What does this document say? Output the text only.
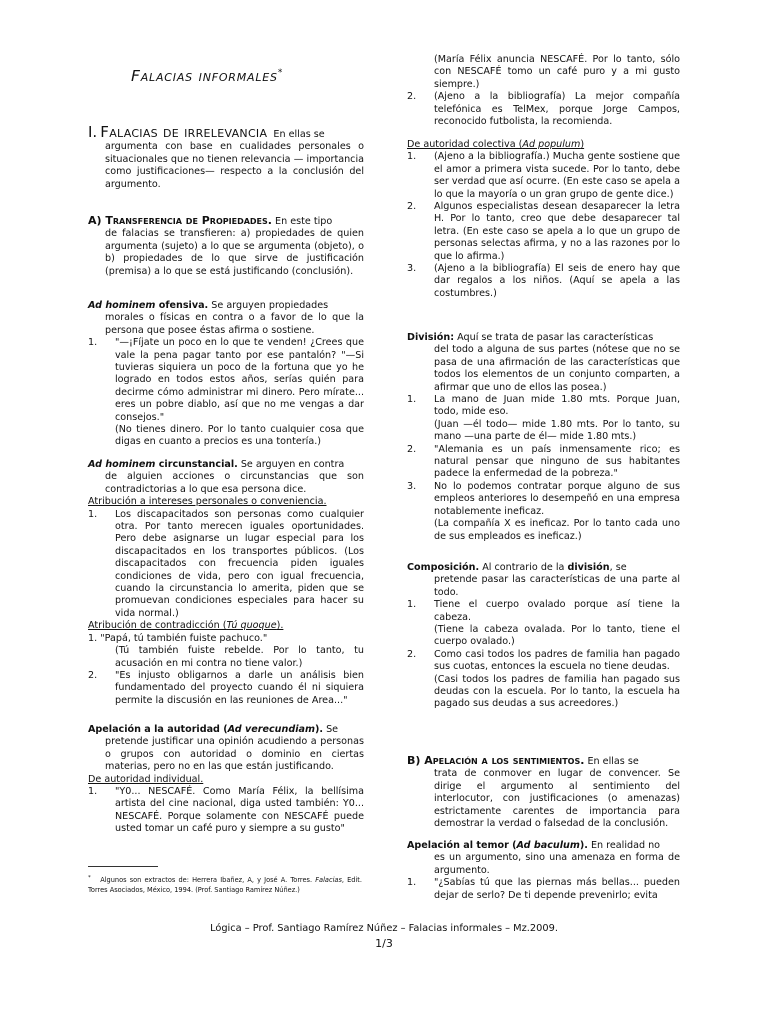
Falacias informales*

I. Falacias de irrelevancia En ellas se

argumenta con base en cualidades personales o situacionales que no tienen relevancia — importancia como justificaciones— respecto a la conclusión del argumento.

A) Transferencia de Propiedades. En este tipo

de falacias se transfieren: a) propiedades de quien argumenta (sujeto) a lo que se argumenta (objeto), o b) propiedades de lo que sirve de justificación (premisa) a lo que se está justificando (conclusión).

Ad hominem ofensiva. Se arguyen propiedades

morales o físicas en contra o a favor de lo que la persona que posee éstas afirma o sostiene.

1. "—¡Fíjate un poco en lo que te venden! ¿Crees que vale la pena pagar tanto por ese pantalón? "—Si tuvieras siquiera un poco de la fortuna que yo he logrado en todos estos años, serías quién para decirme cómo administrar mi dinero. Pero mírate... eres un pobre diablo, así que no me vengas a dar consejos."

(No tienes dinero. Por lo tanto cualquier cosa que digas en cuanto a precios es una tontería.)

Ad hominem circunstancial. Se arguyen en contra

de alguien acciones o circunstancias que son contradictorias a lo que esa persona dice.

Atribución a intereses personales o conveniencia.

1. Los discapacitados son personas como cualquier otra. Por tanto merecen iguales oportunidades. Pero debe asignarse un lugar especial para los discapacitados en los transportes públicos. (Los discapacitados con frecuencia piden iguales condiciones de vida, pero con igual frecuencia, cuando la circunstancia lo amerita, piden que se promuevan condiciones especiales para hacer su vida normal.)

Atribución de contradicción (Tú quoque).

1. "Papá, tú también fuiste pachuco."

(Tú también fuiste rebelde. Por lo tanto, tu acusación en mi contra no tiene valor.)

2. "Es injusto obligarnos a darle un análisis bien fundamentado del proyecto cuando él ni siquiera permite la discusión en las reuniones de Area..."

Apelación a la autoridad (Ad verecundiam). Se

pretende justificar una opinión acudiendo a personas o grupos con autoridad o dominio en ciertas materias, pero no en las que están justificando.

De autoridad individual.

1. "Y0... NESCAFÉ. Como María Félix, la bellísima artista del cine nacional, diga usted también: Y0... NESCAFÉ. Porque solamente con NESCAFÉ puede usted tomar un café puro y siempre a su gusto"
* Algunos son extractos de: Herrera Ibañez, A, y José A. Torres. Falacias, Edit. Torres Asociados, México, 1994. (Prof. Santiago Ramírez Núñez.)

(María Félix anuncia NESCAFÉ. Por lo tanto, sólo con NESCAFÉ tomo un café puro y a mi gusto siempre.)

2. (Ajeno a la bibliografía) La mejor compañía telefónica es TelMex, porque Jorge Campos, reconocido futbolista, la recomienda.

De autoridad colectiva (Ad populum)

1. (Ajeno a la bibliografía.) Mucha gente sostiene que el amor a primera vista sucede. Por lo tanto, debe ser verdad que así ocurre. (En este caso se apela a lo que la mayoría o un gran grupo de gente dice.)
2. Algunos especialistas desean desaparecer la letra H. Por lo tanto, creo que debe desaparecer tal letra. (En este caso se apela a lo que un grupo de personas selectas afirma, y no a las razones por lo que lo afirma.)
3. (Ajeno a la bibliografía) El seis de enero hay que dar regalos a los niños. (Aquí se apela a las costumbres.)

División: Aquí se trata de pasar las características

del todo a alguna de sus partes (nótese que no se pasa de una afirmación de las características que todos los elementos de un conjunto comparten, a afirmar que uno de ellos las posea.)

1. La mano de Juan mide 1.80 mts. Porque Juan, todo, mide eso.

(Juan —él todo— mide 1.80 mts. Por lo tanto, su mano —una parte de él— mide 1.80 mts.)

2. "Alemania es un país inmensamente rico; es natural pensar que ninguno de sus habitantes padece la enfermedad de la pobreza."
3. No lo podemos contratar porque alguno de sus empleos anteriores lo desempeñó en una empresa notablemente ineficaz.

(La compañía X es ineficaz. Por lo tanto cada uno de sus empleados es ineficaz.)

Composición. Al contrario de la división, se

pretende pasar las características de una parte al todo.

1. Tiene el cuerpo ovalado porque así tiene la cabeza.

(Tiene la cabeza ovalada. Por lo tanto, tiene el cuerpo ovalado.)

2. Como casi todos los padres de familia han pagado sus cuotas, entonces la escuela no tiene deudas.

(Casi todos los padres de familia han pagado sus deudas con la escuela. Por lo tanto, la escuela ha pagado sus deudas a sus acreedores.)

B) Apelación a los sentimientos. En ellas se

trata de conmover en lugar de convencer. Se dirige el argumento al sentimiento del interlocutor, con justificaciones (o amenazas) estrictamente carentes de importancia para demostrar la verdad o falsedad de la conclusión.

Apelación al temor (Ad baculum). En realidad no

es un argumento, sino una amenaza en forma de argumento.

1. "¿Sabías tú que las piernas más bellas... pueden dejar de serlo? De ti depende prevenirlo; evita
Lógica – Prof. Santiago Ramírez Núñez – Falacias informales – Mz.2009.
1/3
